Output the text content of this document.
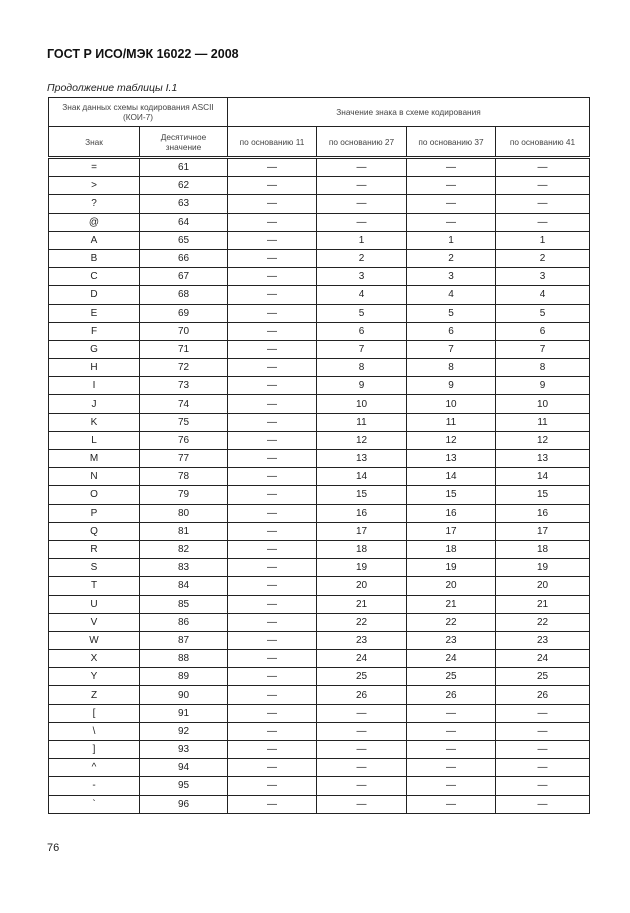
ГОСТ Р ИСО/МЭК 16022 — 2008
Продолжение таблицы I.1
Знак данных схемы кодирования ASCII (КОИ-7)		Значение знака в схеме кодирования			
Знак	Десятичное значение	по основанию 11	по основанию 27	по основанию 37	по основанию 41
=	61	—	—	—	—
>	62	—	—	—	—
?	63	—	—	—	—
@	64	—	—	—	—
A	65	—	1	1	1
B	66	—	2	2	2
C	67	—	3	3	3
D	68	—	4	4	4
E	69	—	5	5	5
F	70	—	6	6	6
G	71	—	7	7	7
H	72	—	8	8	8
I	73	—	9	9	9
J	74	—	10	10	10
K	75	—	11	11	11
L	76	—	12	12	12
M	77	—	13	13	13
N	78	—	14	14	14
O	79	—	15	15	15
P	80	—	16	16	16
Q	81	—	17	17	17
R	82	—	18	18	18
S	83	—	19	19	19
T	84	—	20	20	20
U	85	—	21	21	21
V	86	—	22	22	22
W	87	—	23	23	23
X	88	—	24	24	24
Y	89	—	25	25	25
Z	90	—	26	26	26
[	91	—	—	—	—
\	92	—	—	—	—
]	93	—	—	—	—
^	94	—	—	—	—
-	95	—	—	—	—
`	96	—	—	—	—
76
